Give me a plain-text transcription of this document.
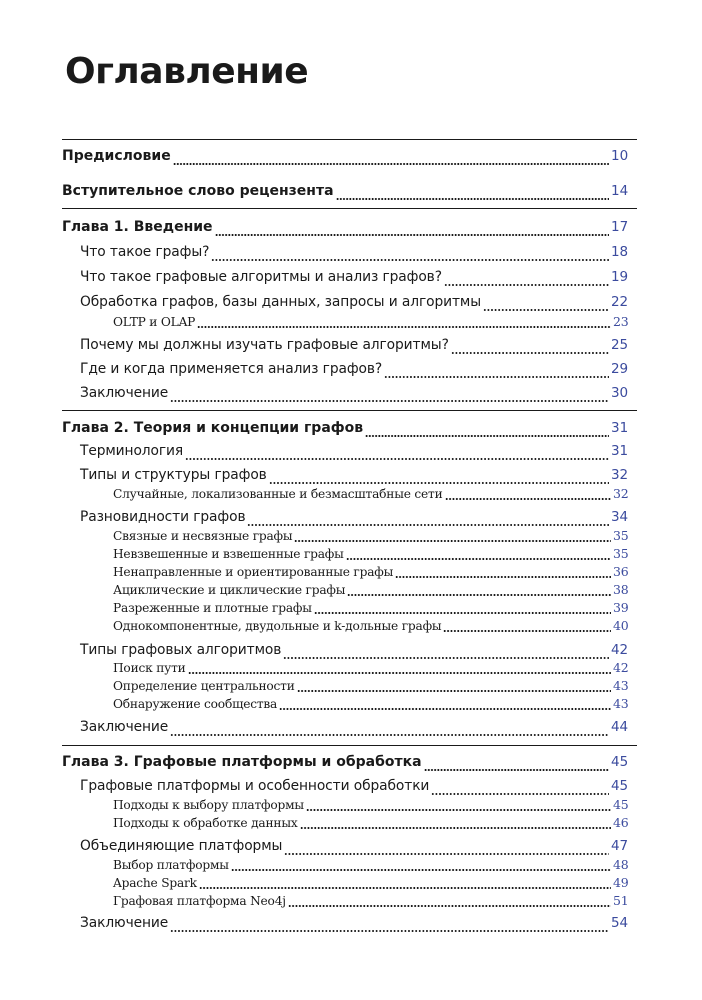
Оглавление
Предисловие	10
Вступительное слово рецензента	14
Глава 1. Введение	17
Что такое графы?	18
Что такое графовые алгоритмы и анализ графов?	19
Обработка графов, базы данных, запросы и алгоритмы	22
OLTP и OLAP	23
Почему мы должны изучать графовые алгоритмы?	25
Где и когда применяется анализ графов?	29
Заключение	30
Глава 2. Теория и концепции графов	31
Терминология	31
Типы и структуры графов	32
Случайные, локализованные и безмасштабные сети	32
Разновидности графов	34
Связные и несвязные графы	35
Невзвешенные и взвешенные графы	35
Ненаправленные и ориентированные графы	36
Ациклические и циклические графы	38
Разреженные и плотные графы	39
Однокомпонентные, двудольные и k-дольные графы	40
Типы графовых алгоритмов	42
Поиск пути	42
Определение центральности	43
Обнаружение сообщества	43
Заключение	44
Глава 3. Графовые платформы и обработка	45
Графовые платформы и особенности обработки	45
Подходы к выбору платформы	45
Подходы к обработке данных	46
Объединяющие платформы	47
Выбор платформы	48
Apache Spark	49
Графовая платформа Neo4j	51
Заключение	54
